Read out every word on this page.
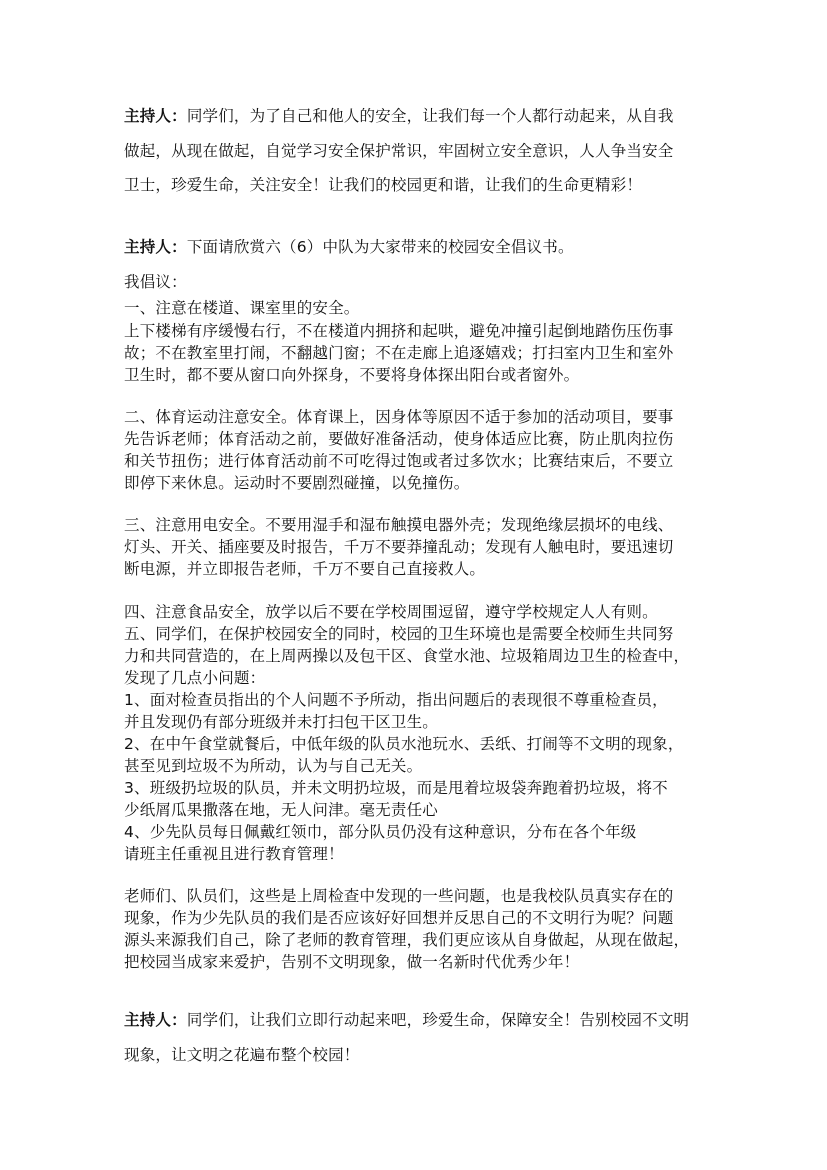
主持人：同学们，为了自己和他人的安全，让我们每一个人都行动起来，从自我
做起，从现在做起，自觉学习安全保护常识，牢固树立安全意识，人人争当安全
卫士，珍爱生命，关注安全！让我们的校园更和谐，让我们的生命更精彩！
主持人：下面请欣赏六（6）中队为大家带来的校园安全倡议书。
我倡议：
一、注意在楼道、课室里的安全。
上下楼梯有序缓慢右行，不在楼道内拥挤和起哄，避免冲撞引起倒地踏伤压伤事
故；不在教室里打闹，不翻越门窗；不在走廊上追逐嬉戏；打扫室内卫生和室外
卫生时，都不要从窗口向外探身，不要将身体探出阳台或者窗外。
二、体育运动注意安全。体育课上，因身体等原因不适于参加的活动项目，要事
先告诉老师；体育活动之前，要做好准备活动，使身体适应比赛，防止肌肉拉伤
和关节扭伤；进行体育活动前不可吃得过饱或者过多饮水；比赛结束后，不要立
即停下来休息。运动时不要剧烈碰撞，以免撞伤。
三、注意用电安全。不要用湿手和湿布触摸电器外壳；发现绝缘层损坏的电线、
灯头、开关、插座要及时报告，千万不要莽撞乱动；发现有人触电时，要迅速切
断电源，并立即报告老师，千万不要自己直接救人。
四、注意食品安全，放学以后不要在学校周围逗留，遵守学校规定人人有则。
五、同学们，在保护校园安全的同时，校园的卫生环境也是需要全校师生共同努
力和共同营造的，在上周两操以及包干区、食堂水池、垃圾箱周边卫生的检查中，
发现了几点小问题：
1、面对检查员指出的个人问题不予所动，指出问题后的表现很不尊重检查员，
并且发现仍有部分班级并未打扫包干区卫生。
2、在中午食堂就餐后，中低年级的队员水池玩水、丢纸、打闹等不文明的现象，
甚至见到垃圾不为所动，认为与自己无关。
3、班级扔垃圾的队员，并未文明扔垃圾，而是甩着垃圾袋奔跑着扔垃圾，将不
少纸屑瓜果撒落在地，无人问津。毫无责任心
4、少先队员每日佩戴红领巾，部分队员仍没有这种意识，分布在各个年级
请班主任重视且进行教育管理！
老师们、队员们，这些是上周检查中发现的一些问题，也是我校队员真实存在的
现象，作为少先队员的我们是否应该好好回想并反思自己的不文明行为呢？问题
源头来源我们自己，除了老师的教育管理，我们更应该从自身做起，从现在做起，
把校园当成家来爱护，告别不文明现象，做一名新时代优秀少年！
主持人：同学们，让我们立即行动起来吧，珍爱生命，保障安全！告别校园不文明
现象，让文明之花遍布整个校园！
